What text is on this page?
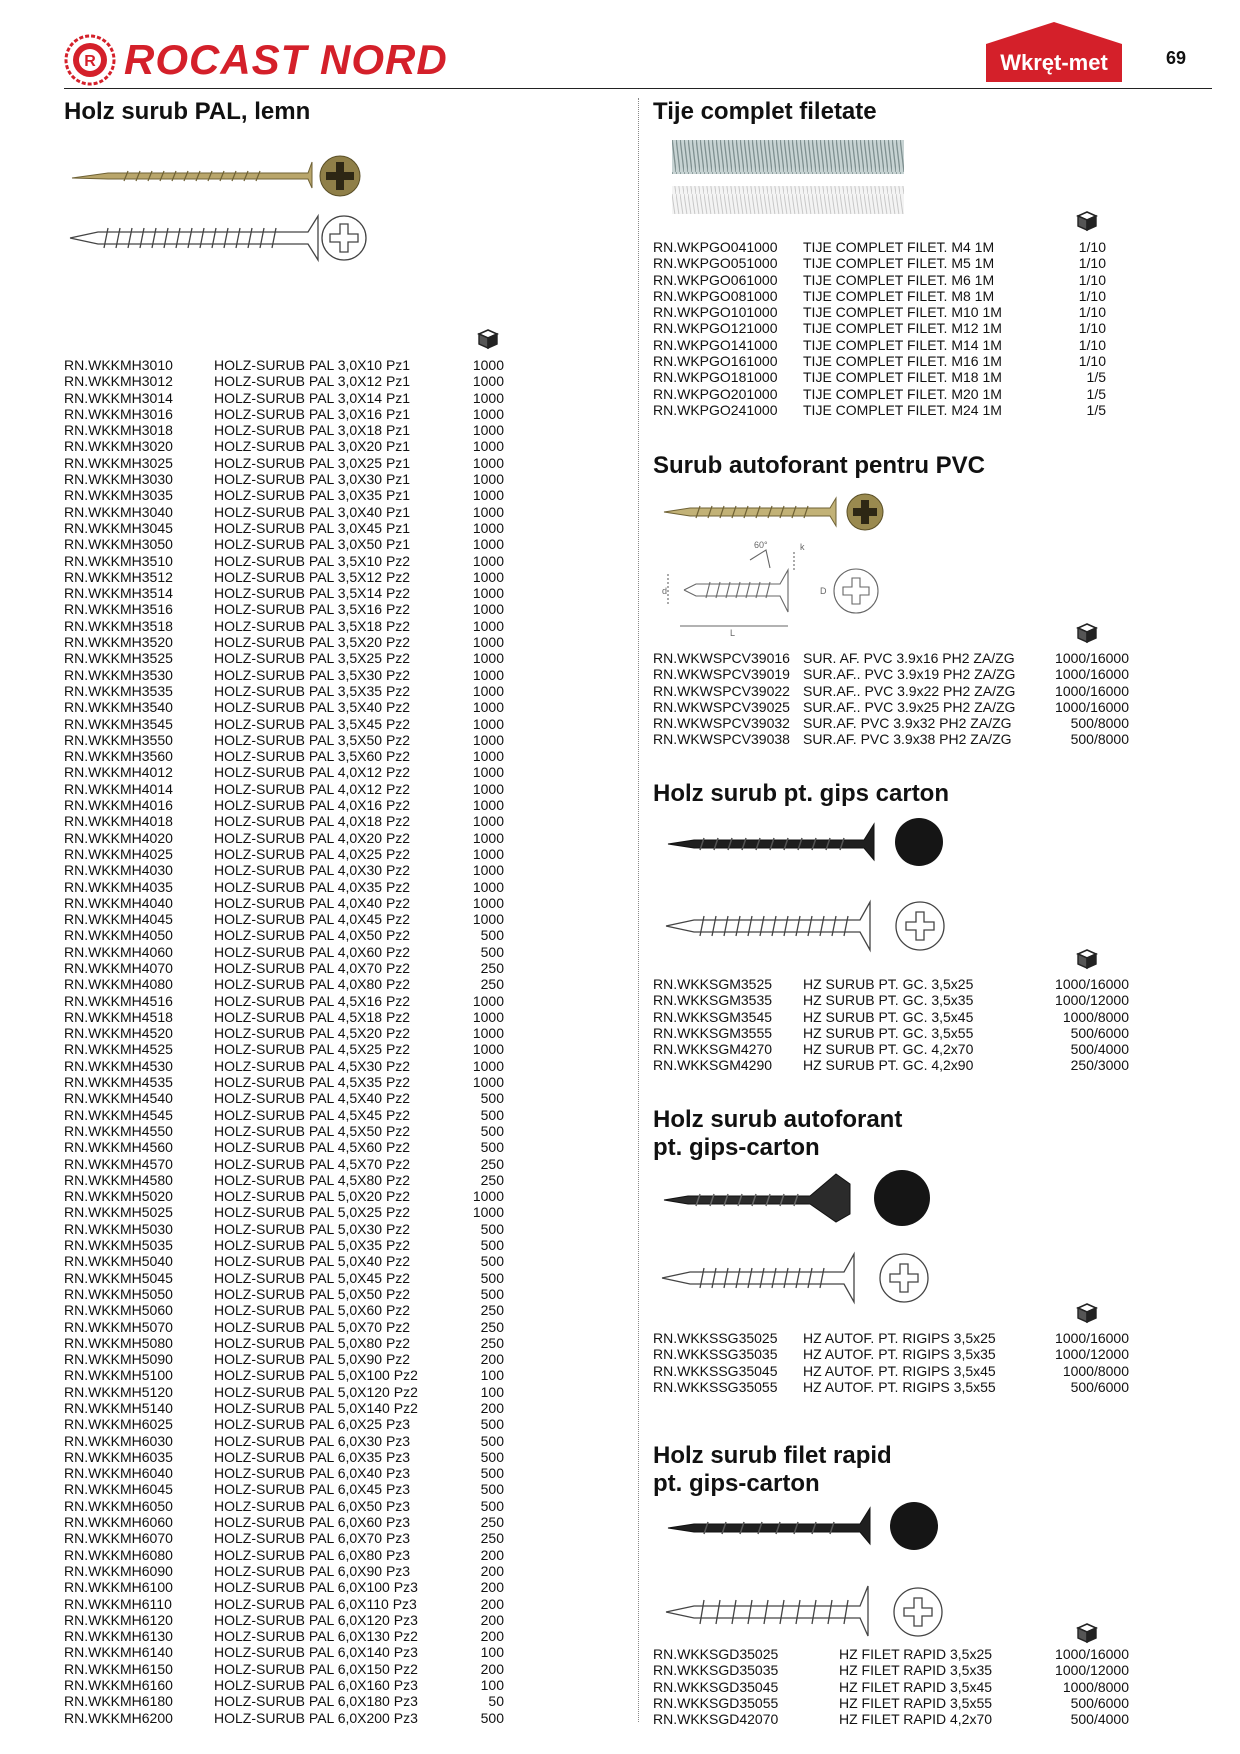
R ROCAST NORD	Wkręt-met	69
Holz surub PAL, lemn
RN.WKKMH3010	HOLZ-SURUB PAL 3,0X10 Pz1	1000
RN.WKKMH3012	HOLZ-SURUB PAL 3,0X12 Pz1	1000
RN.WKKMH3014	HOLZ-SURUB PAL 3,0X14 Pz1	1000
RN.WKKMH3016	HOLZ-SURUB PAL 3,0X16 Pz1	1000
RN.WKKMH3018	HOLZ-SURUB PAL 3,0X18 Pz1	1000
RN.WKKMH3020	HOLZ-SURUB PAL 3,0X20 Pz1	1000
RN.WKKMH3025	HOLZ-SURUB PAL 3,0X25 Pz1	1000
RN.WKKMH3030	HOLZ-SURUB PAL 3,0X30 Pz1	1000
RN.WKKMH3035	HOLZ-SURUB PAL 3,0X35 Pz1	1000
RN.WKKMH3040	HOLZ-SURUB PAL 3,0X40 Pz1	1000
RN.WKKMH3045	HOLZ-SURUB PAL 3,0X45 Pz1	1000
RN.WKKMH3050	HOLZ-SURUB PAL 3,0X50 Pz1	1000
RN.WKKMH3510	HOLZ-SURUB PAL 3,5X10 Pz2	1000
RN.WKKMH3512	HOLZ-SURUB PAL 3,5X12 Pz2	1000
RN.WKKMH3514	HOLZ-SURUB PAL 3,5X14 Pz2	1000
RN.WKKMH3516	HOLZ-SURUB PAL 3,5X16 Pz2	1000
RN.WKKMH3518	HOLZ-SURUB PAL 3,5X18 Pz2	1000
RN.WKKMH3520	HOLZ-SURUB PAL 3,5X20 Pz2	1000
RN.WKKMH3525	HOLZ-SURUB PAL 3,5X25 Pz2	1000
RN.WKKMH3530	HOLZ-SURUB PAL 3,5X30 Pz2	1000
RN.WKKMH3535	HOLZ-SURUB PAL 3,5X35 Pz2	1000
RN.WKKMH3540	HOLZ-SURUB PAL 3,5X40 Pz2	1000
RN.WKKMH3545	HOLZ-SURUB PAL 3,5X45 Pz2	1000
RN.WKKMH3550	HOLZ-SURUB PAL 3,5X50 Pz2	1000
RN.WKKMH3560	HOLZ-SURUB PAL 3,5X60 Pz2	1000
RN.WKKMH4012	HOLZ-SURUB PAL 4,0X12 Pz2	1000
RN.WKKMH4014	HOLZ-SURUB PAL 4,0X12 Pz2	1000
RN.WKKMH4016	HOLZ-SURUB PAL 4,0X16 Pz2	1000
RN.WKKMH4018	HOLZ-SURUB PAL 4,0X18 Pz2	1000
RN.WKKMH4020	HOLZ-SURUB PAL 4,0X20 Pz2	1000
RN.WKKMH4025	HOLZ-SURUB PAL 4,0X25 Pz2	1000
RN.WKKMH4030	HOLZ-SURUB PAL 4,0X30 Pz2	1000
RN.WKKMH4035	HOLZ-SURUB PAL 4,0X35 Pz2	1000
RN.WKKMH4040	HOLZ-SURUB PAL 4,0X40 Pz2	1000
RN.WKKMH4045	HOLZ-SURUB PAL 4,0X45 Pz2	1000
RN.WKKMH4050	HOLZ-SURUB PAL 4,0X50 Pz2	500
RN.WKKMH4060	HOLZ-SURUB PAL 4,0X60 Pz2	500
RN.WKKMH4070	HOLZ-SURUB PAL 4,0X70 Pz2	250
RN.WKKMH4080	HOLZ-SURUB PAL 4,0X80 Pz2	250
RN.WKKMH4516	HOLZ-SURUB PAL 4,5X16 Pz2	1000
RN.WKKMH4518	HOLZ-SURUB PAL 4,5X18 Pz2	1000
RN.WKKMH4520	HOLZ-SURUB PAL 4,5X20 Pz2	1000
RN.WKKMH4525	HOLZ-SURUB PAL 4,5X25 Pz2	1000
RN.WKKMH4530	HOLZ-SURUB PAL 4,5X30 Pz2	1000
RN.WKKMH4535	HOLZ-SURUB PAL 4,5X35 Pz2	1000
RN.WKKMH4540	HOLZ-SURUB PAL 4,5X40 Pz2	500
RN.WKKMH4545	HOLZ-SURUB PAL 4,5X45 Pz2	500
RN.WKKMH4550	HOLZ-SURUB PAL 4,5X50 Pz2	500
RN.WKKMH4560	HOLZ-SURUB PAL 4,5X60 Pz2	500
RN.WKKMH4570	HOLZ-SURUB PAL 4,5X70 Pz2	250
RN.WKKMH4580	HOLZ-SURUB PAL 4,5X80 Pz2	250
RN.WKKMH5020	HOLZ-SURUB PAL 5,0X20 Pz2	1000
RN.WKKMH5025	HOLZ-SURUB PAL 5,0X25 Pz2	1000
RN.WKKMH5030	HOLZ-SURUB PAL 5,0X30 Pz2	500
RN.WKKMH5035	HOLZ-SURUB PAL 5,0X35 Pz2	500
RN.WKKMH5040	HOLZ-SURUB PAL 5,0X40 Pz2	500
RN.WKKMH5045	HOLZ-SURUB PAL 5,0X45 Pz2	500
RN.WKKMH5050	HOLZ-SURUB PAL 5,0X50 Pz2	500
RN.WKKMH5060	HOLZ-SURUB PAL 5,0X60 Pz2	250
RN.WKKMH5070	HOLZ-SURUB PAL 5,0X70 Pz2	250
RN.WKKMH5080	HOLZ-SURUB PAL 5,0X80 Pz2	250
RN.WKKMH5090	HOLZ-SURUB PAL 5,0X90 Pz2	200
RN.WKKMH5100	HOLZ-SURUB PAL 5,0X100 Pz2	100
RN.WKKMH5120	HOLZ-SURUB PAL 5,0X120 Pz2	100
RN.WKKMH5140	HOLZ-SURUB PAL 5,0X140 Pz2	200
RN.WKKMH6025	HOLZ-SURUB PAL 6,0X25 Pz3	500
RN.WKKMH6030	HOLZ-SURUB PAL 6,0X30 Pz3	500
RN.WKKMH6035	HOLZ-SURUB PAL 6,0X35 Pz3	500
RN.WKKMH6040	HOLZ-SURUB PAL 6,0X40 Pz3	500
RN.WKKMH6045	HOLZ-SURUB PAL 6,0X45 Pz3	500
RN.WKKMH6050	HOLZ-SURUB PAL 6,0X50 Pz3	500
RN.WKKMH6060	HOLZ-SURUB PAL 6,0X60 Pz3	250
RN.WKKMH6070	HOLZ-SURUB PAL 6,0X70 Pz3	250
RN.WKKMH6080	HOLZ-SURUB PAL 6,0X80 Pz3	200
RN.WKKMH6090	HOLZ-SURUB PAL 6,0X90 Pz3	200
RN.WKKMH6100	HOLZ-SURUB PAL 6,0X100 Pz3	200
RN.WKKMH6110	HOLZ-SURUB PAL 6,0X110 Pz3	200
RN.WKKMH6120	HOLZ-SURUB PAL 6,0X120 Pz3	200
RN.WKKMH6130	HOLZ-SURUB PAL 6,0X130 Pz2	200
RN.WKKMH6140	HOLZ-SURUB PAL 6,0X140 Pz3	100
RN.WKKMH6150	HOLZ-SURUB PAL 6,0X150 Pz2	200
RN.WKKMH6160	HOLZ-SURUB PAL 6,0X160 Pz3	100
RN.WKKMH6180	HOLZ-SURUB PAL 6,0X180 Pz3	50
RN.WKKMH6200	HOLZ-SURUB PAL 6,0X200 Pz3	500
Tije complet filetate
RN.WKPGO041000 TIJE COMPLET FILET. M4 1M	1/10
RN.WKPGO051000 TIJE COMPLET FILET. M5 1M	1/10
RN.WKPGO061000 TIJE COMPLET FILET. M6 1M	1/10
RN.WKPGO081000 TIJE COMPLET FILET. M8 1M	1/10
RN.WKPGO101000 TIJE COMPLET FILET. M10 1M	1/10
RN.WKPGO121000 TIJE COMPLET FILET. M12 1M	1/10
RN.WKPGO141000 TIJE COMPLET FILET. M14 1M	1/10
RN.WKPGO161000 TIJE COMPLET FILET. M16 1M	1/10
RN.WKPGO181000 TIJE COMPLET FILET. M18 1M	1/5
RN.WKPGO201000 TIJE COMPLET FILET. M20 1M	1/5
RN.WKPGO241000 TIJE COMPLET FILET. M24 1M	1/5
Surub autoforant pentru PVC
k
60°
d	D
L
RN.WKWSPCV39016 SUR. AF. PVC 3.9x16 PH2 ZA/ZG	1000/16000
RN.WKWSPCV39019 SUR.AF.. PVC 3.9x19 PH2 ZA/ZG	1000/16000
RN.WKWSPCV39022 SUR.AF.. PVC 3.9x22 PH2 ZA/ZG	1000/16000
RN.WKWSPCV39025 SUR.AF.. PVC 3.9x25 PH2 ZA/ZG	1000/16000
RN.WKWSPCV39032 SUR.AF. PVC 3.9x32 PH2 ZA/ZG	500/8000
RN.WKWSPCV39038 SUR.AF. PVC 3.9x38 PH2 ZA/ZG	500/8000
Holz surub pt. gips carton
RN.WKKSGM3525 HZ SURUB PT. GC. 3,5x25	1000/16000
RN.WKKSGM3535 HZ SURUB PT. GC. 3,5x35	1000/12000
RN.WKKSGM3545 HZ SURUB PT. GC. 3,5x45	1000/8000
RN.WKKSGM3555 HZ SURUB PT. GC. 3,5x55	500/6000
RN.WKKSGM4270 HZ SURUB PT. GC. 4,2x70	500/4000
RN.WKKSGM4290 HZ SURUB PT. GC. 4,2x90	250/3000
Holz surub autoforant
pt. gips-carton
RN.WKKSSG35025 HZ AUTOF. PT. RIGIPS 3,5x25	1000/16000
RN.WKKSSG35035 HZ AUTOF. PT. RIGIPS 3,5x35	1000/12000
RN.WKKSSG35045 HZ AUTOF. PT. RIGIPS 3,5x45	1000/8000
RN.WKKSSG35055 HZ AUTOF. PT. RIGIPS 3,5x55	500/6000
Holz surub filet rapid
pt. gips-carton
RN.WKKSGD35025	HZ FILET RAPID 3,5x25	1000/16000
RN.WKKSGD35035	HZ FILET RAPID 3,5x35	1000/12000
RN.WKKSGD35045	HZ FILET RAPID 3,5x45	1000/8000
RN.WKKSGD35055	HZ FILET RAPID 3,5x55	500/6000
RN.WKKSGD42070	HZ FILET RAPID 4,2x70	500/4000
